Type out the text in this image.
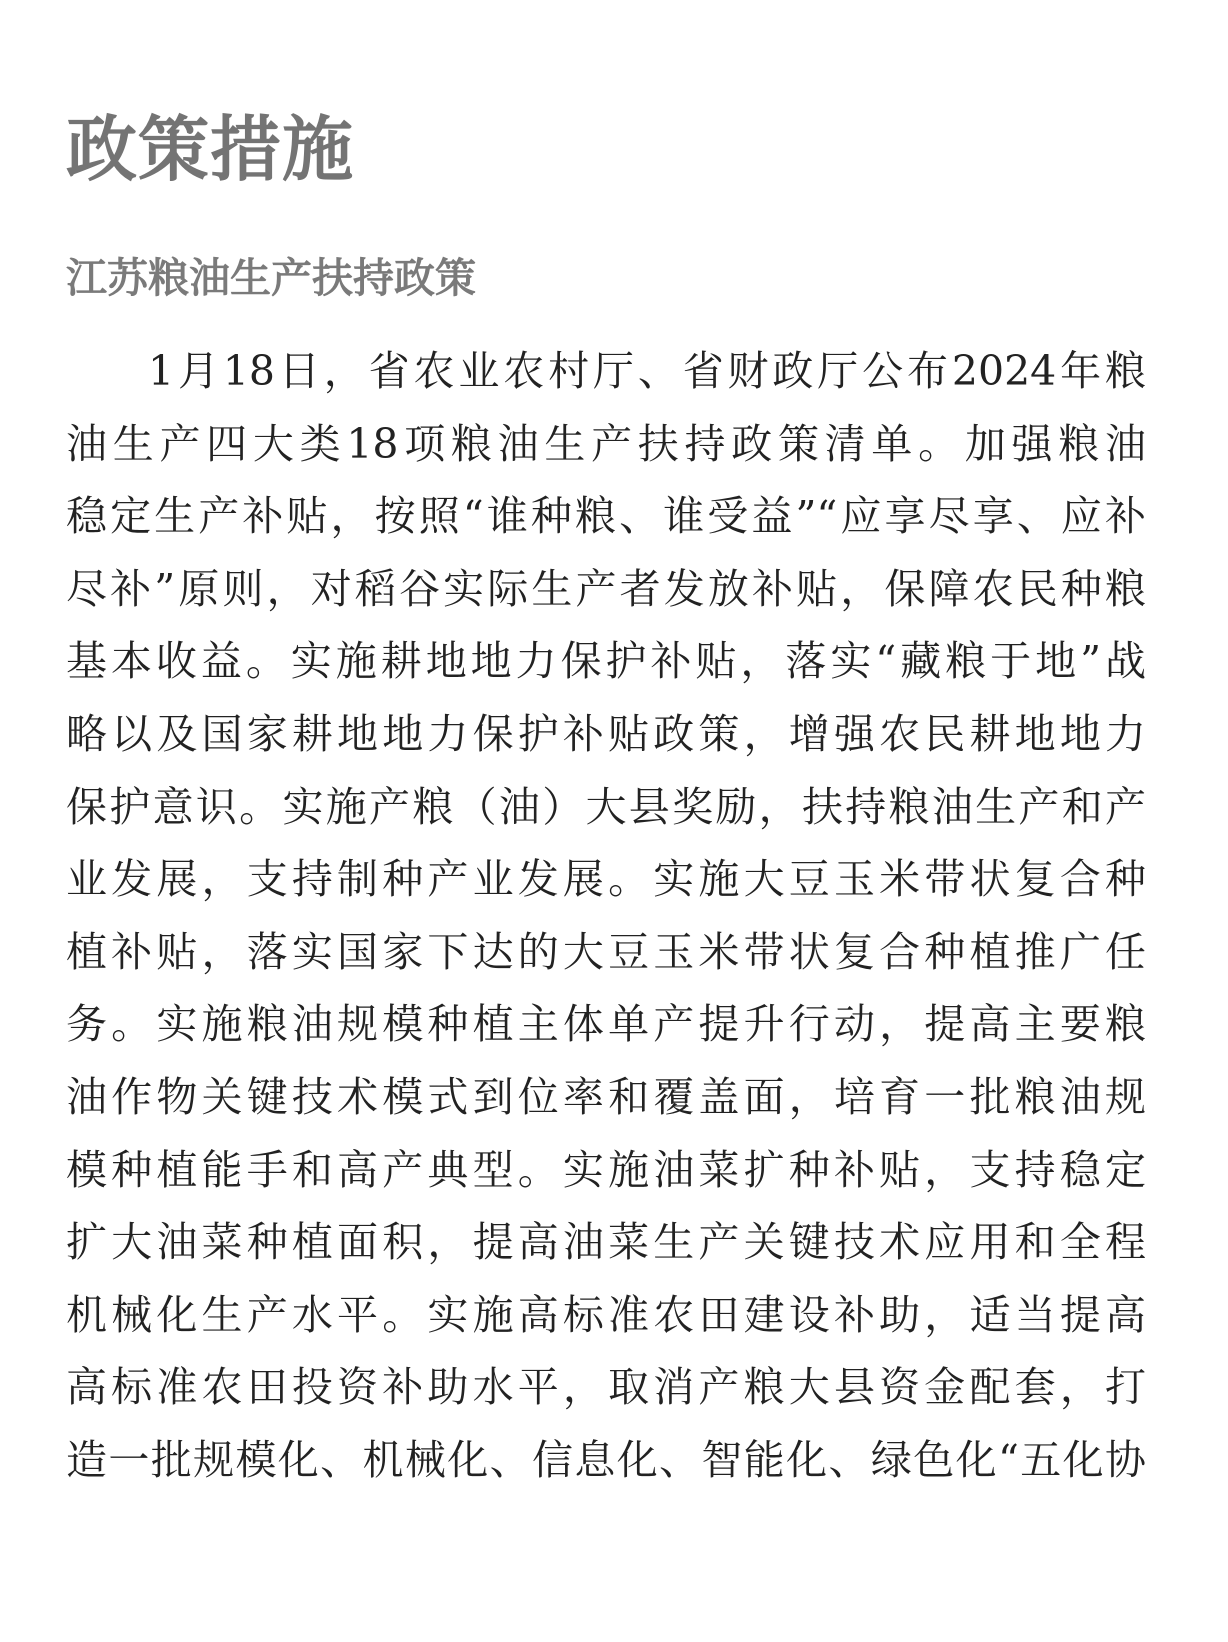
政策措施
江苏粮油生产扶持政策
1月18日，省农业农村厅、省财政厅公布2024年粮
油生产四大类18项粮油生产扶持政策清单。加强粮油
稳定生产补贴，按照“谁种粮、谁受益”“应享尽享、应补
尽补”原则，对稻谷实际生产者发放补贴，保障农民种粮
基本收益。实施耕地地力保护补贴，落实“藏粮于地”战
略以及国家耕地地力保护补贴政策，增强农民耕地地力
保护意识。实施产粮（油）大县奖励，扶持粮油生产和产
业发展，支持制种产业发展。实施大豆玉米带状复合种
植补贴，落实国家下达的大豆玉米带状复合种植推广任
务。实施粮油规模种植主体单产提升行动，提高主要粮
油作物关键技术模式到位率和覆盖面，培育一批粮油规
模种植能手和高产典型。实施油菜扩种补贴，支持稳定
扩大油菜种植面积，提高油菜生产关键技术应用和全程
机械化生产水平。实施高标准农田建设补助，适当提高
高标准农田投资补助水平，取消产粮大县资金配套，打
造一批规模化、机械化、信息化、智能化、绿色化“五化协
